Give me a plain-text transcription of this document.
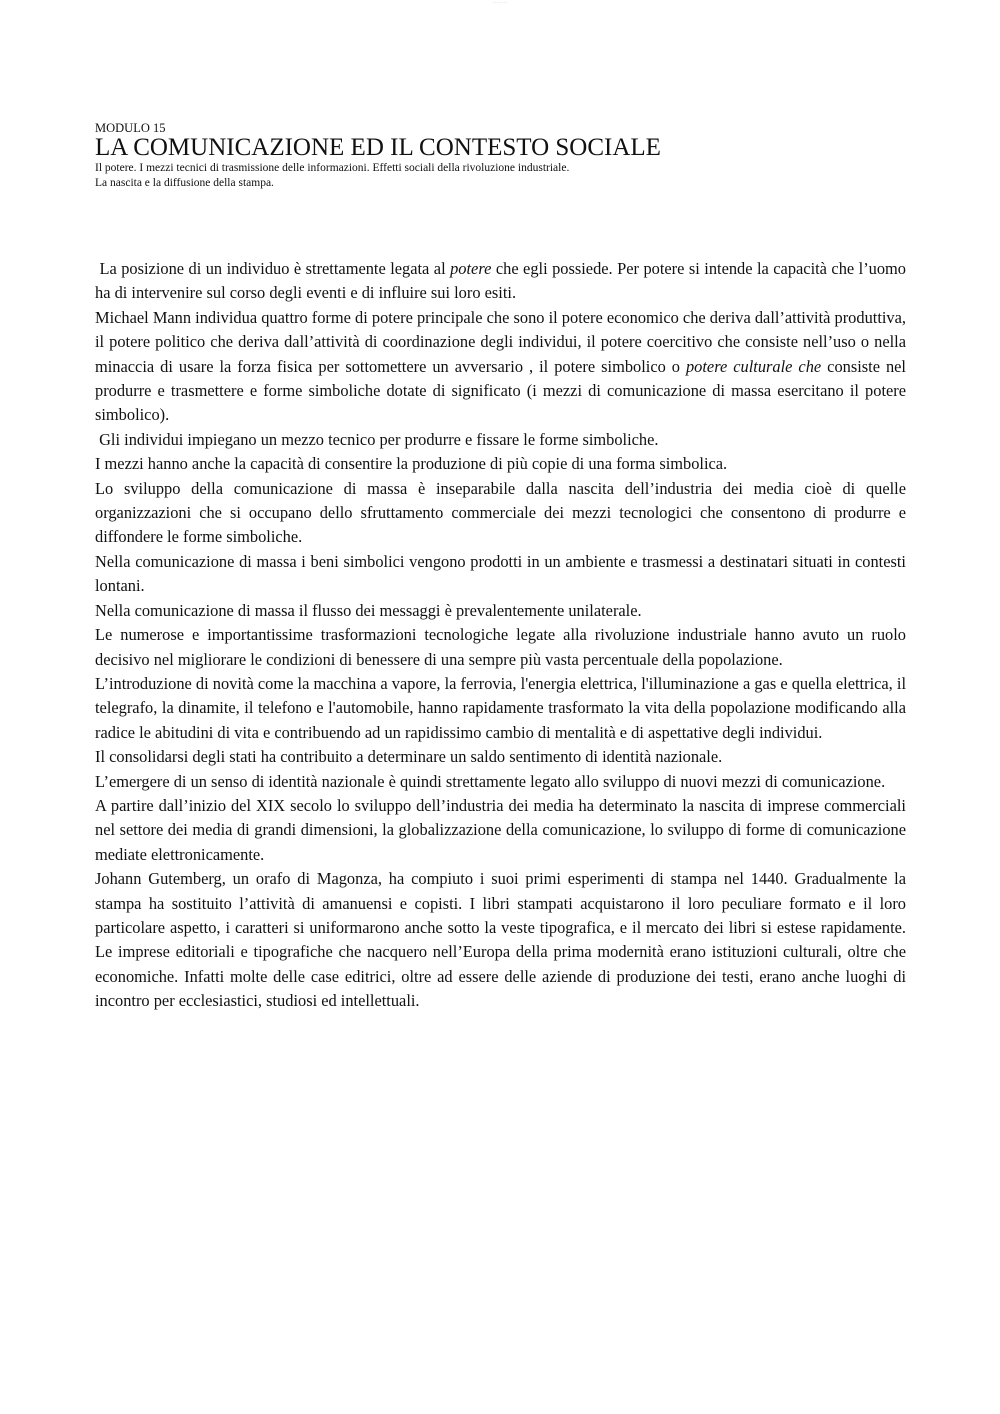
- - - - - - - -

MODULO 15

LA COMUNICAZIONE ED IL CONTESTO SOCIALE

Il potere. I mezzi tecnici di trasmissione delle informazioni. Effetti sociali della rivoluzione industriale.

La nascita e la diffusione della stampa.

La posizione di un individuo è strettamente legata al potere che egli possiede. Per potere si intende la capacità che l’uomo ha di intervenire sul corso degli eventi e di influire sui loro esiti.

Michael Mann individua quattro forme di potere principale che sono il potere economico che deriva dall’attività produttiva, il potere politico che deriva dall’attività di coordinazione degli individui, il potere coercitivo che consiste nell’uso o nella minaccia di usare la forza fisica per sottomettere un avversario , il potere simbolico o potere culturale che consiste nel produrre e trasmettere e forme simboliche dotate di significato (i mezzi di comunicazione di massa esercitano il potere simbolico).

Gli individui impiegano un mezzo tecnico per produrre e fissare le forme simboliche.

I mezzi hanno anche la capacità di consentire la produzione di più copie di una forma simbolica.

Lo sviluppo della comunicazione di massa è inseparabile dalla nascita dell’industria dei media cioè di quelle organizzazioni che si occupano dello sfruttamento commerciale dei mezzi tecnologici che consentono di produrre e diffondere le forme simboliche.

Nella comunicazione di massa i beni simbolici vengono prodotti in un ambiente e trasmessi a destinatari situati in contesti lontani.

Nella comunicazione di massa il flusso dei messaggi è prevalentemente unilaterale.

Le numerose e importantissime trasformazioni tecnologiche legate alla rivoluzione industriale hanno avuto un ruolo decisivo nel migliorare le condizioni di benessere di una sempre più vasta percentuale della popolazione.

L’introduzione di novità come la macchina a vapore, la ferrovia, l'energia elettrica, l'illuminazione a gas e quella elettrica, il telegrafo, la dinamite, il telefono e l'automobile, hanno rapidamente trasformato la vita della popolazione modificando alla radice le abitudini di vita e contribuendo ad un rapidissimo cambio di mentalità e di aspettative degli individui.

Il consolidarsi degli stati ha contribuito a determinare un saldo sentimento di identità nazionale.

L’emergere di un senso di identità nazionale è quindi strettamente legato allo sviluppo di nuovi mezzi di comunicazione.

A partire dall’inizio del XIX secolo lo sviluppo dell’industria dei media ha determinato la nascita di imprese commerciali nel settore dei media di grandi dimensioni, la globalizzazione della comunicazione, lo sviluppo di forme di comunicazione mediate elettronicamente.

Johann Gutemberg, un orafo di Magonza, ha compiuto i suoi primi esperimenti di stampa nel 1440. Gradualmente la stampa ha sostituito l’attività di amanuensi e copisti. I libri stampati acquistarono il loro peculiare formato e il loro particolare aspetto, i caratteri si uniformarono anche sotto la veste tipografica, e il mercato dei libri si estese rapidamente. Le imprese editoriali e tipografiche che nacquero nell’Europa della prima modernità erano istituzioni culturali, oltre che economiche. Infatti molte delle case editrici, oltre ad essere delle aziende di produzione dei testi, erano anche luoghi di incontro per ecclesiastici, studiosi ed intellettuali.
